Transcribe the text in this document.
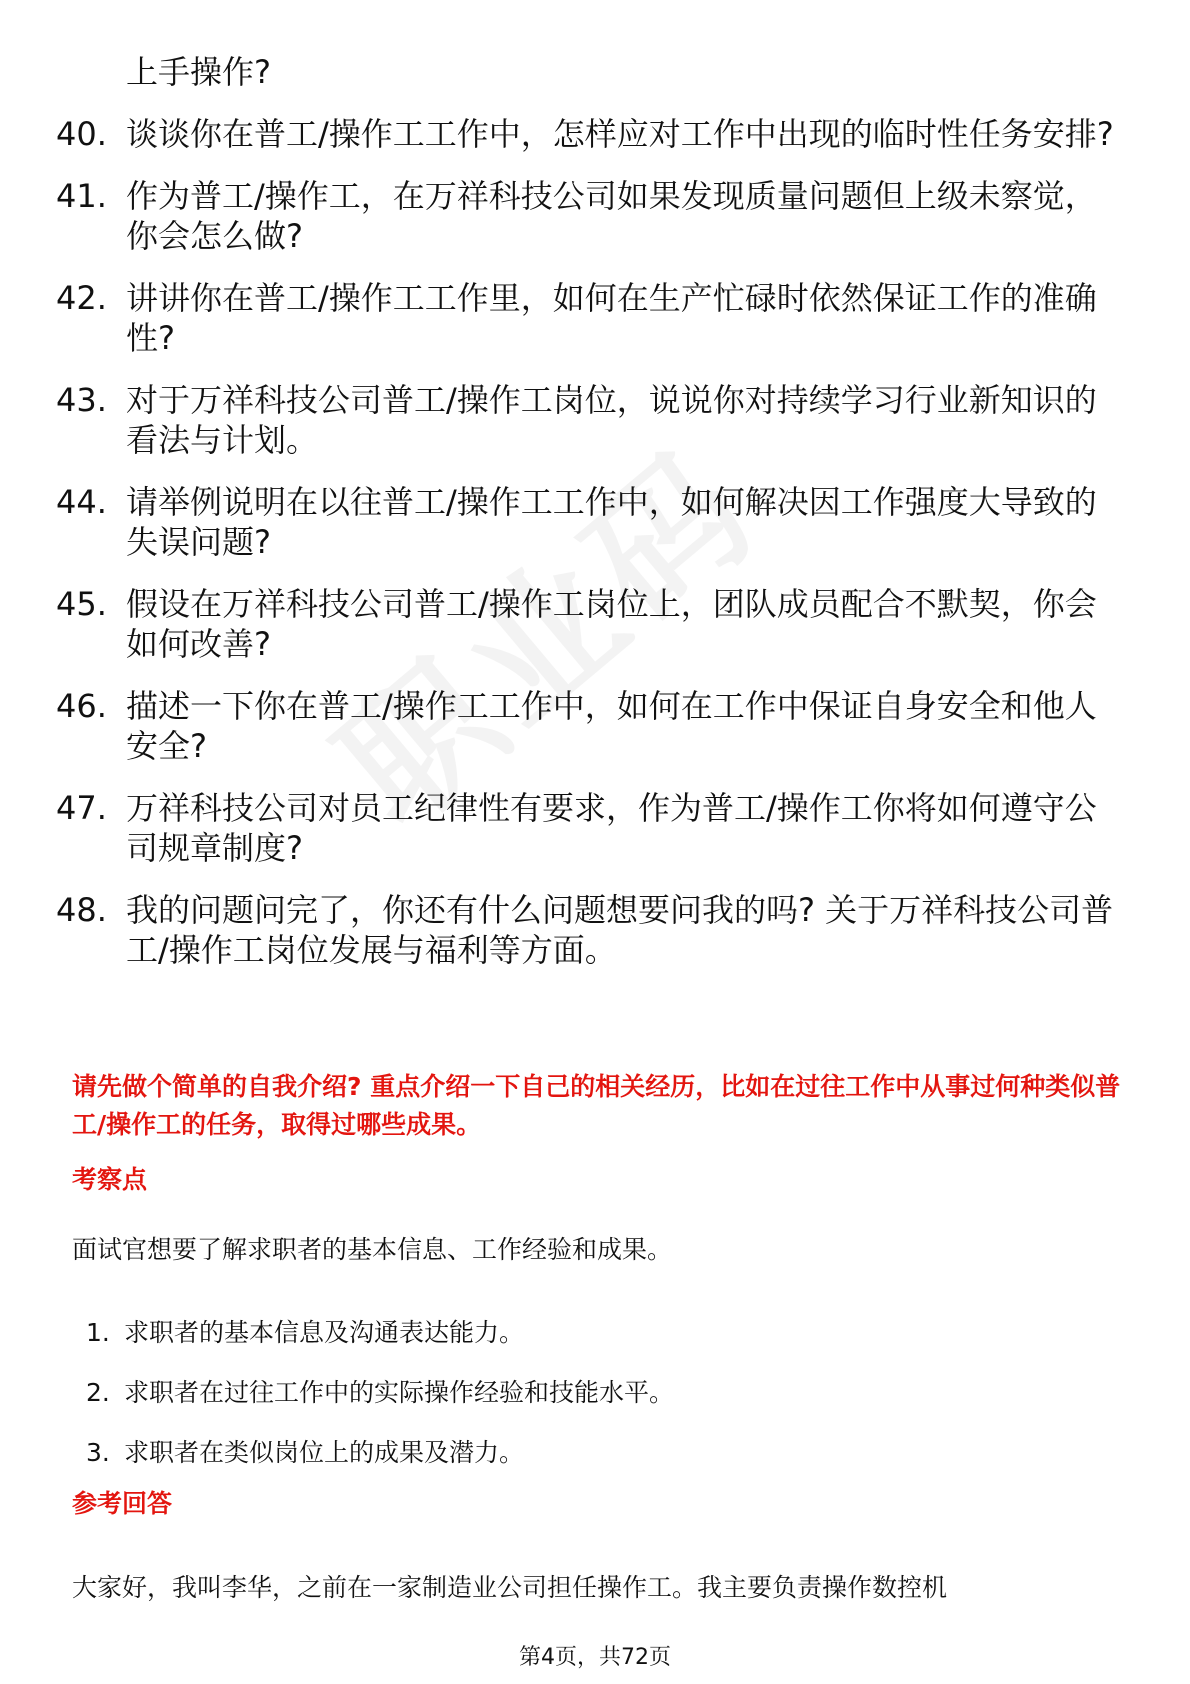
上手操作?
40. 谈谈你在普工/操作工工作中，怎样应对工作中出现的临时性任务安排?
41. 作为普工/操作工，在万祥科技公司如果发现质量问题但上级未察觉，你会怎么做?
42. 讲讲你在普工/操作工工作里，如何在生产忙碌时依然保证工作的准确性?
43. 对于万祥科技公司普工/操作工岗位，说说你对持续学习行业新知识的看法与计划。
44. 请举例说明在以往普工/操作工工作中，如何解决因工作强度大导致的失误问题?
45. 假设在万祥科技公司普工/操作工岗位上，团队成员配合不默契，你会如何改善?
46. 描述一下你在普工/操作工工作中，如何在工作中保证自身安全和他人安全?
47. 万祥科技公司对员工纪律性有要求，作为普工/操作工你将如何遵守公司规章制度?
48. 我的问题问完了，你还有什么问题想要问我的吗? 关于万祥科技公司普工/操作工岗位发展与福利等方面。
请先做个简单的自我介绍? 重点介绍一下自己的相关经历，比如在过往工作中从事过何种类似普工/操作工的任务，取得过哪些成果。
考察点
面试官想要了解求职者的基本信息、工作经验和成果。
1. 求职者的基本信息及沟通表达能力。
2. 求职者在过往工作中的实际操作经验和技能水平。
3. 求职者在类似岗位上的成果及潜力。
参考回答
大家好，我叫李华，之前在一家制造业公司担任操作工。我主要负责操作数控机
第4页，共72页
